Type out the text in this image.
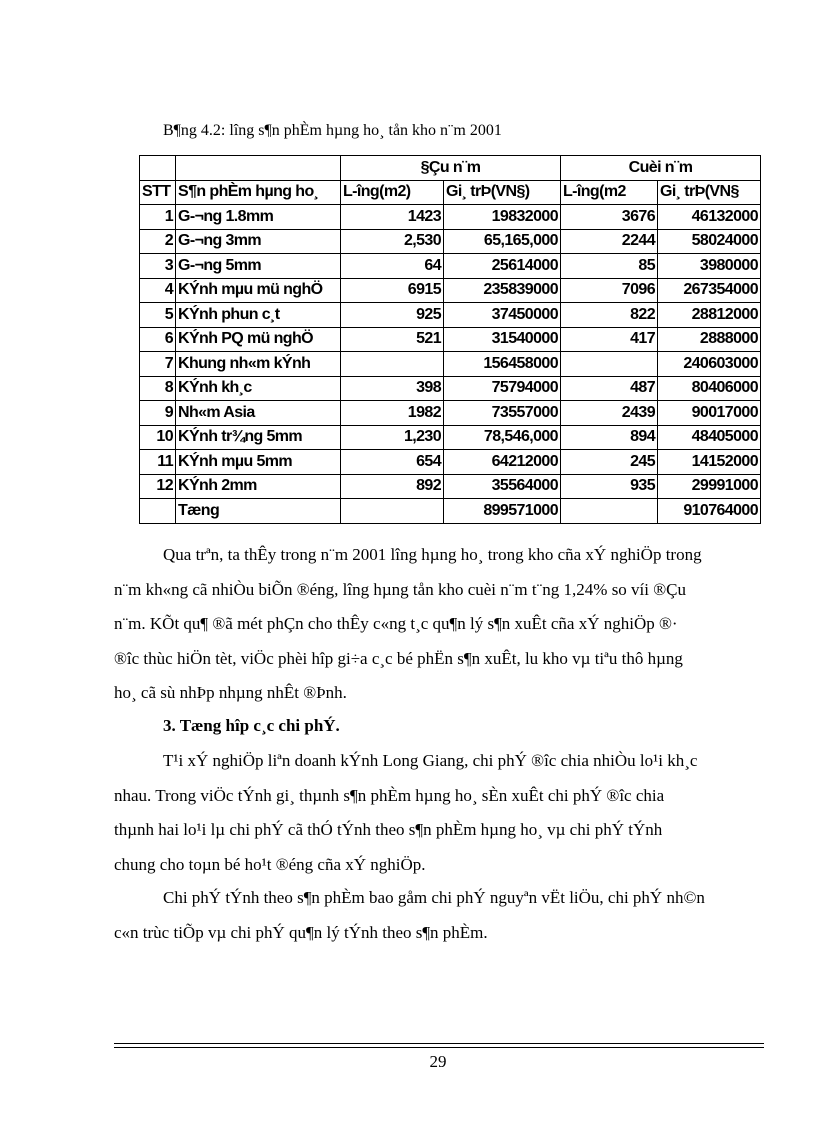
B¶ng 4.2: lîng s¶n phÈm hµng ho¸ tån kho n¨m 2001
		§Çu n¨m		Cuèi n¨m	
STT	S¶n phÈm hµng ho¸	L-îng(m2)	Gi¸ trÞ(VN§)	L-îng(m2	Gi¸ trÞ(VN§
1	G-¬ng 1.8mm	1423	19832000	3676	46132000
2	G-¬ng 3mm	2,530	65,165,000	2244	58024000
3	G-¬ng 5mm	64	25614000	85	3980000
4	KÝnh mµu mü nghÖ	6915	235839000	7096	267354000
5	KÝnh phun c¸t	925	37450000	822	28812000
6	KÝnh PQ mü nghÖ	521	31540000	417	2888000
7	Khung nh«m kÝnh		156458000		240603000
8	KÝnh kh¸c	398	75794000	487	80406000
9	Nh«m Asia	1982	73557000	2439	90017000
10	KÝnh tr¾ng 5mm	1,230	78,546,000	894	48405000
11	KÝnh mµu 5mm	654	64212000	245	14152000
12	KÝnh 2mm	892	35564000	935	29991000
	Tæng		899571000		910764000
Qua trªn, ta thÊy trong n¨m 2001 lîng hµng ho¸ trong kho cña xÝ nghiÖp trong
n¨m kh«ng cã nhiÒu biÕn ®éng, lîng hµng tån kho cuèi n¨m t¨ng 1,24% so víi ®Çu
n¨m. KÕt qu¶ ®ã mét phÇn cho thÊy c«ng t¸c qu¶n lý s¶n xuÊt cña xÝ nghiÖp ®·
®îc thùc hiÖn tèt, viÖc phèi hîp gi÷a c¸c bé phËn s¶n xuÊt, lu kho vµ tiªu thô hµng
ho¸ cã sù nhÞp nhµng nhÊt ®Þnh.
3. Tæng hîp c¸c chi phÝ.
T¹i xÝ nghiÖp liªn doanh kÝnh Long Giang, chi phÝ ®îc chia nhiÒu lo¹i kh¸c
nhau. Trong viÖc tÝnh gi¸ thµnh s¶n phÈm hµng ho¸ sÈn xuÊt chi phÝ ®îc chia
thµnh hai lo¹i lµ chi phÝ cã thÓ tÝnh theo s¶n phÈm hµng ho¸ vµ chi phÝ tÝnh
chung cho toµn bé ho¹t ®éng cña xÝ nghiÖp.
Chi phÝ tÝnh theo s¶n phÈm bao gåm chi phÝ nguyªn vËt liÖu, chi phÝ nh©n
c«n trùc tiÕp vµ chi phÝ qu¶n lý tÝnh theo s¶n phÈm.
29
